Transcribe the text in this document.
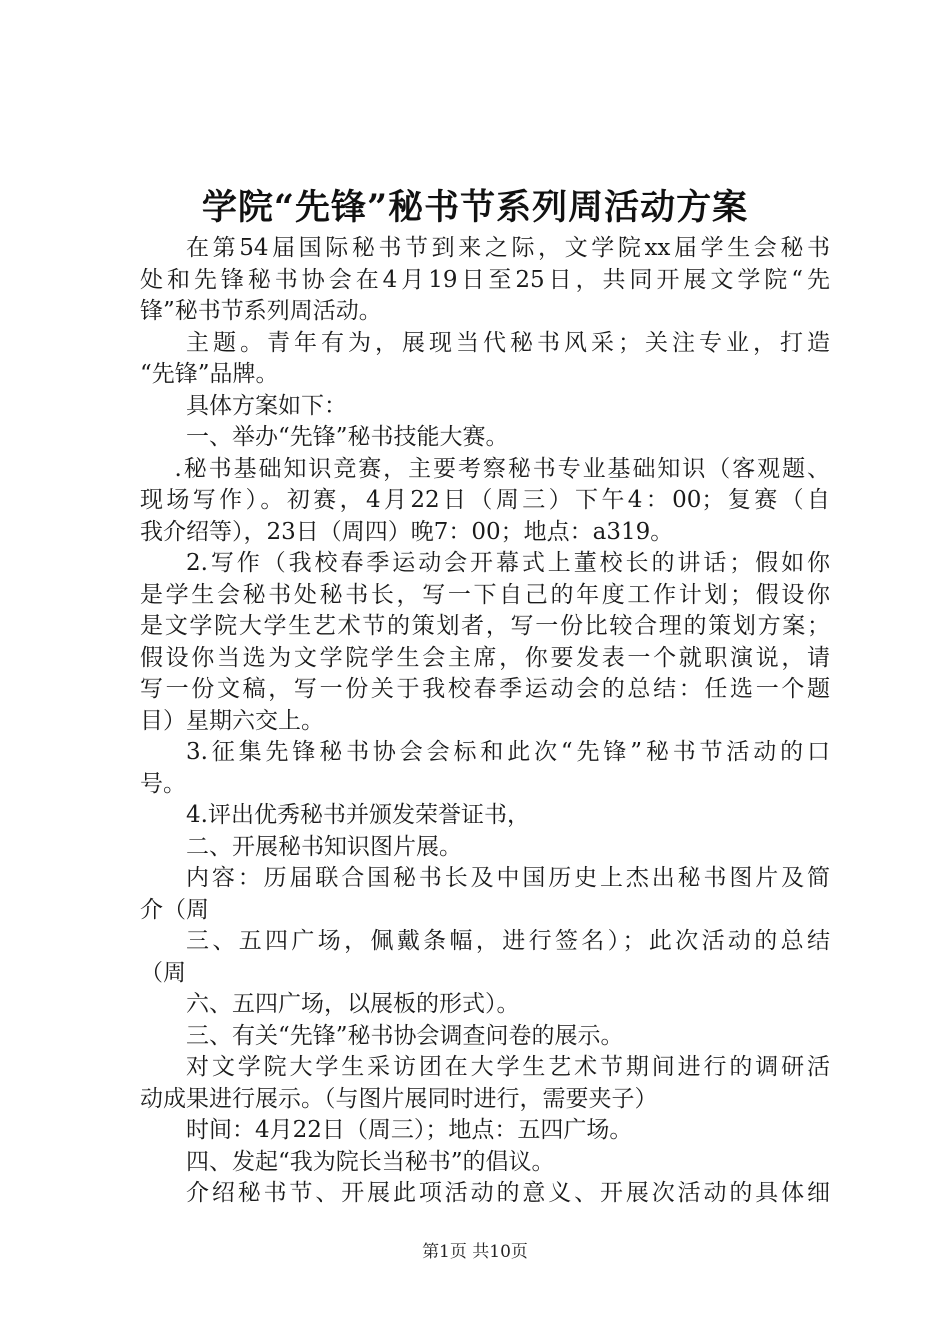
学院“先锋”秘书节系列周活动方案
在第54届国际秘书节到来之际，文学院xx届学生会秘书
处和先锋秘书协会在4月19日至25日，共同开展文学院“先
锋”秘书节系列周活动。
主题。青年有为，展现当代秘书风采；关注专业，打造
“先锋”品牌。
具体方案如下：
一、举办“先锋”秘书技能大赛。
.秘书基础知识竞赛，主要考察秘书专业基础知识（客观题、
现场写作）。初赛，4月22日（周三）下午4：00；复赛（自
我介绍等），23日（周四）晚7：00；地点：a319。
2.写作（我校春季运动会开幕式上董校长的讲话；假如你
是学生会秘书处秘书长，写一下自己的年度工作计划；假设你
是文学院大学生艺术节的策划者，写一份比较合理的策划方案；
假设你当选为文学院学生会主席，你要发表一个就职演说，请
写一份文稿，写一份关于我校春季运动会的总结：任选一个题
目）星期六交上。
3.征集先锋秘书协会会标和此次“先锋”秘书节活动的口
号。
4.评出优秀秘书并颁发荣誉证书，
二、开展秘书知识图片展。
内容：历届联合国秘书长及中国历史上杰出秘书图片及简
介（周
三、五四广场，佩戴条幅，进行签名）；此次活动的总结
（周
六、五四广场，以展板的形式）。
三、有关“先锋”秘书协会调查问卷的展示。
对文学院大学生采访团在大学生艺术节期间进行的调研活
动成果进行展示。（与图片展同时进行，需要夹子）
时间：4月22日（周三）；地点：五四广场。
四、发起“我为院长当秘书”的倡议。
介绍秘书节、开展此项活动的意义、开展次活动的具体细
第1页 共10页
